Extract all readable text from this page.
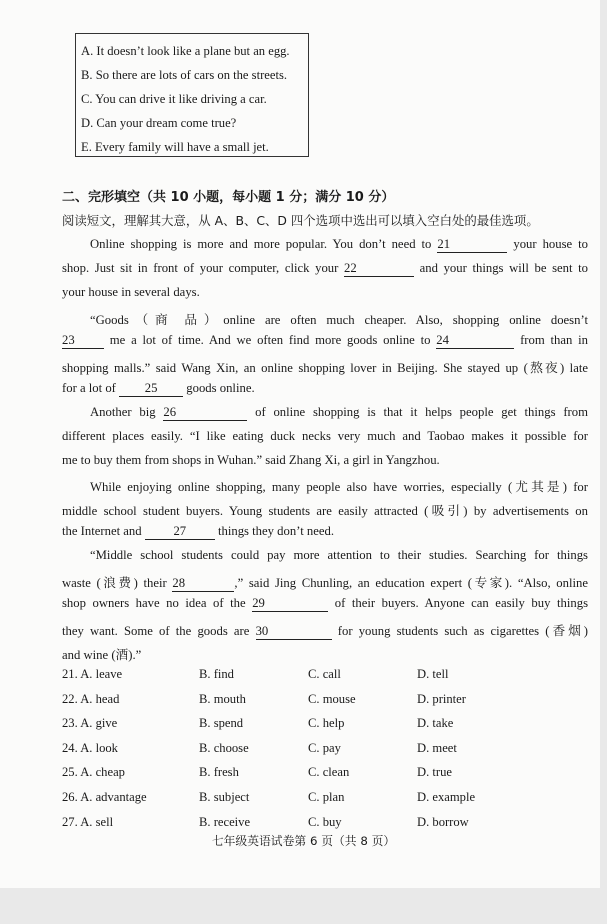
A. It doesn’t look like a plane but an egg.
B. So there are lots of cars on the streets.
C. You can drive it like driving a car.
D. Can your dream come true?
E. Every family will have a small jet.
二、完形填空（共 10 小题，每小题 1 分；满分 10 分）
阅读短文，理解其大意，从 A、B、C、D 四个选项中选出可以填入空白处的最佳选项。
Online shopping is more and more popular. You don’t need to 21	your house to
shop. Just sit in front of your computer, click your 22	and your things will be sent to
your house in several days.
“Goods（商 品）online are often much cheaper. Also, shopping online doesn’t
23	me a lot of time. And we often find more goods online to 24	from than in
shopping malls.” said Wang Xin, an online shopping lover in Beijing. She stayed up (熬夜) late
for a lot of 25 goods online.
Another big 26	of online shopping is that it helps people get things from
different places easily. “I like eating duck necks very much and Taobao makes it possible for
me to buy them from shops in Wuhan.” said Zhang Xi, a girl in Yangzhou.
While enjoying online shopping, many people also have worries, especially (尤其是) for
middle school student buyers. Young students are easily attracted (吸引) by advertisements on
the Internet and	27	things they don’t need.
“Middle school students could pay more attention to their studies. Searching for things
waste (浪费) their 28	,” said Jing Chunling, an education expert (专家). “Also, online
shop owners have no idea of the 29	of their buyers. Anyone can easily buy things
they want. Some of the goods are 30	for young students such as cigarettes (香烟)
and wine (酒).”
21. A. leave	B. find	C. call	D. tell
22. A. head	B. mouth	C. mouse	D. printer
23. A. give	B. spend	C. help	D. take
24. A. look	B. choose	C. pay	D. meet
25. A. cheap	B. fresh	C. clean	D. true
26. A. advantage	B. subject	C. plan	D. example
27. A. sell	B. receive	C. buy	D. borrow
七年级英语试卷第 6 页（共 8 页）
